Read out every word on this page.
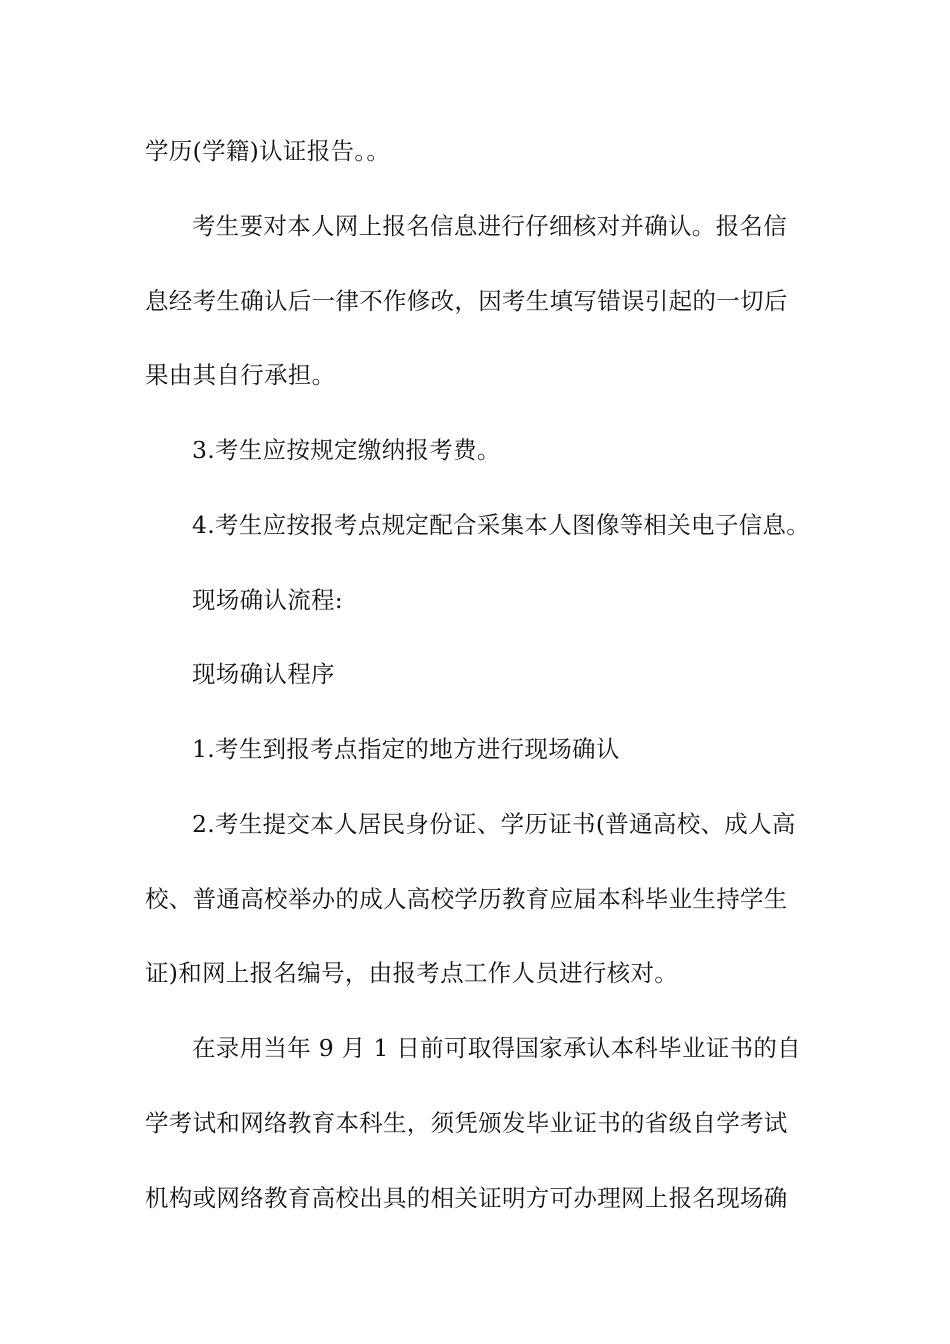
学历(学籍)认证报告。。
考生要对本人网上报名信息进行仔细核对并确认。报名信
息经考生确认后一律不作修改，因考生填写错误引起的一切后
果由其自行承担。
3.考生应按规定缴纳报考费。
4.考生应按报考点规定配合采集本人图像等相关电子信息。
现场确认流程:
现场确认程序
1.考生到报考点指定的地方进行现场确认
2.考生提交本人居民身份证、学历证书(普通高校、成人高
校、普通高校举办的成人高校学历教育应届本科毕业生持学生
证)和网上报名编号，由报考点工作人员进行核对。
在录用当年 9 月 1 日前可取得国家承认本科毕业证书的自
学考试和网络教育本科生，须凭颁发毕业证书的省级自学考试
机构或网络教育高校出具的相关证明方可办理网上报名现场确
